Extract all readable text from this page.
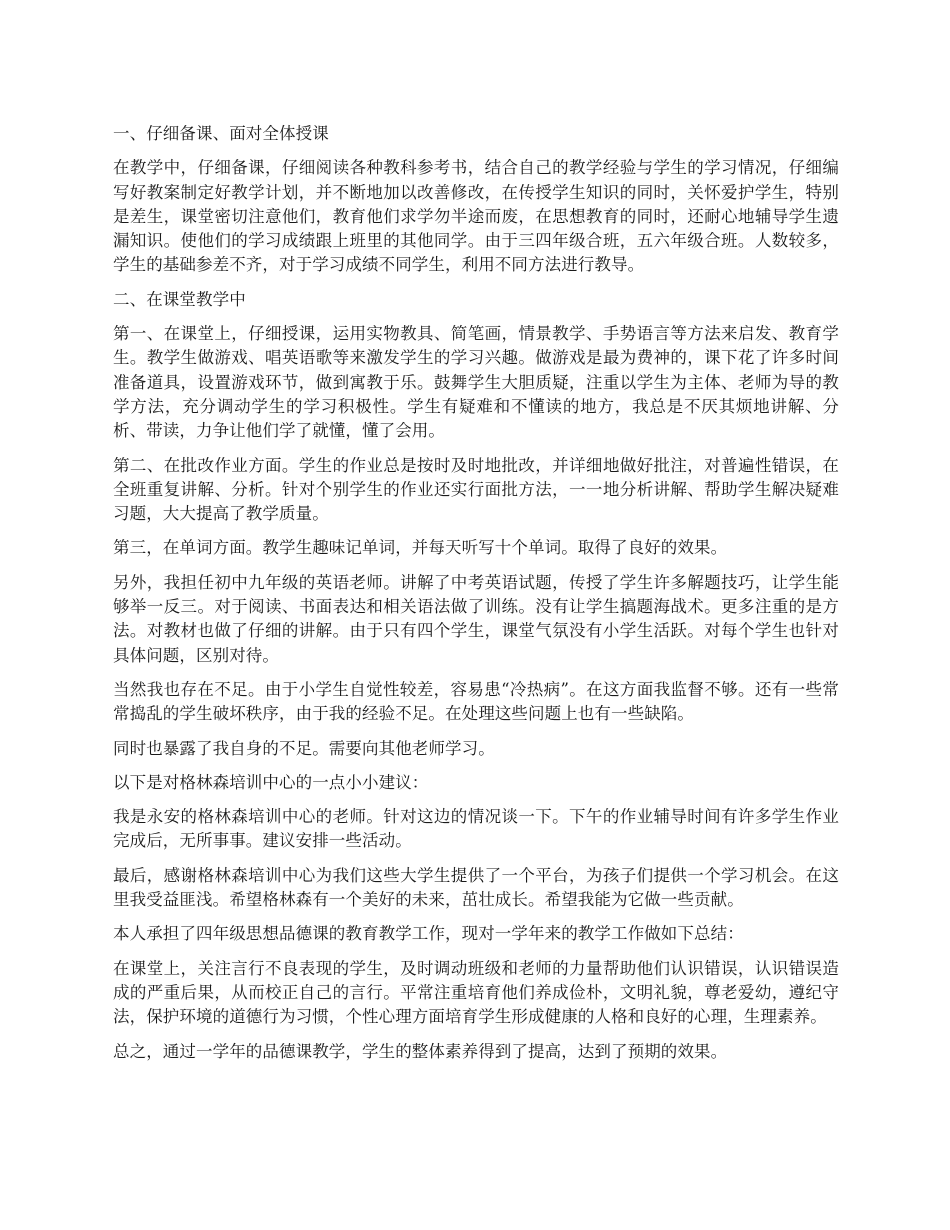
一、仔细备课、面对全体授课

在教学中，仔细备课，仔细阅读各种教科参考书，结合自己的教学经验与学生的学习情况，仔细编写好教案制定好教学计划，并不断地加以改善修改，在传授学生知识的同时，关怀爱护学生，特别是差生，课堂密切注意他们，教育他们求学勿半途而废，在思想教育的同时，还耐心地辅导学生遗漏知识。使他们的学习成绩跟上班里的其他同学。由于三四年级合班，五六年级合班。人数较多，学生的基础参差不齐，对于学习成绩不同学生，利用不同方法进行教导。

二、在课堂教学中

第一、在课堂上，仔细授课，运用实物教具、简笔画，情景教学、手势语言等方法来启发、教育学生。教学生做游戏、唱英语歌等来激发学生的学习兴趣。做游戏是最为费神的，课下花了许多时间准备道具，设置游戏环节，做到寓教于乐。鼓舞学生大胆质疑，注重以学生为主体、老师为导的教学方法，充分调动学生的学习积极性。学生有疑难和不懂读的地方，我总是不厌其烦地讲解、分析、带读，力争让他们学了就懂，懂了会用。

第二、在批改作业方面。学生的作业总是按时及时地批改，并详细地做好批注，对普遍性错误，在全班重复讲解、分析。针对个别学生的作业还实行面批方法，一一地分析讲解、帮助学生解决疑难习题，大大提高了教学质量。

第三，在单词方面。教学生趣味记单词，并每天听写十个单词。取得了良好的效果。

另外，我担任初中九年级的英语老师。讲解了中考英语试题，传授了学生许多解题技巧，让学生能够举一反三。对于阅读、书面表达和相关语法做了训练。没有让学生搞题海战术。更多注重的是方法。对教材也做了仔细的讲解。由于只有四个学生，课堂气氛没有小学生活跃。对每个学生也针对具体问题，区别对待。

当然我也存在不足。由于小学生自觉性较差，容易患“冷热病”。在这方面我监督不够。还有一些常常捣乱的学生破坏秩序，由于我的经验不足。在处理这些问题上也有一些缺陷。

同时也暴露了我自身的不足。需要向其他老师学习。

以下是对格林森培训中心的一点小小建议：

我是永安的格林森培训中心的老师。针对这边的情况谈一下。下午的作业辅导时间有许多学生作业完成后，无所事事。建议安排一些活动。

最后，感谢格林森培训中心为我们这些大学生提供了一个平台，为孩子们提供一个学习机会。在这里我受益匪浅。希望格林森有一个美好的未来，茁壮成长。希望我能为它做一些贡献。

本人承担了四年级思想品德课的教育教学工作，现对一学年来的教学工作做如下总结：

在课堂上，关注言行不良表现的学生，及时调动班级和老师的力量帮助他们认识错误，认识错误造成的严重后果，从而校正自己的言行。平常注重培育他们养成俭朴，文明礼貌，尊老爱幼，遵纪守法，保护环境的道德行为习惯，个性心理方面培育学生形成健康的人格和良好的心理，生理素养。

总之，通过一学年的品德课教学，学生的整体素养得到了提高，达到了预期的效果。
